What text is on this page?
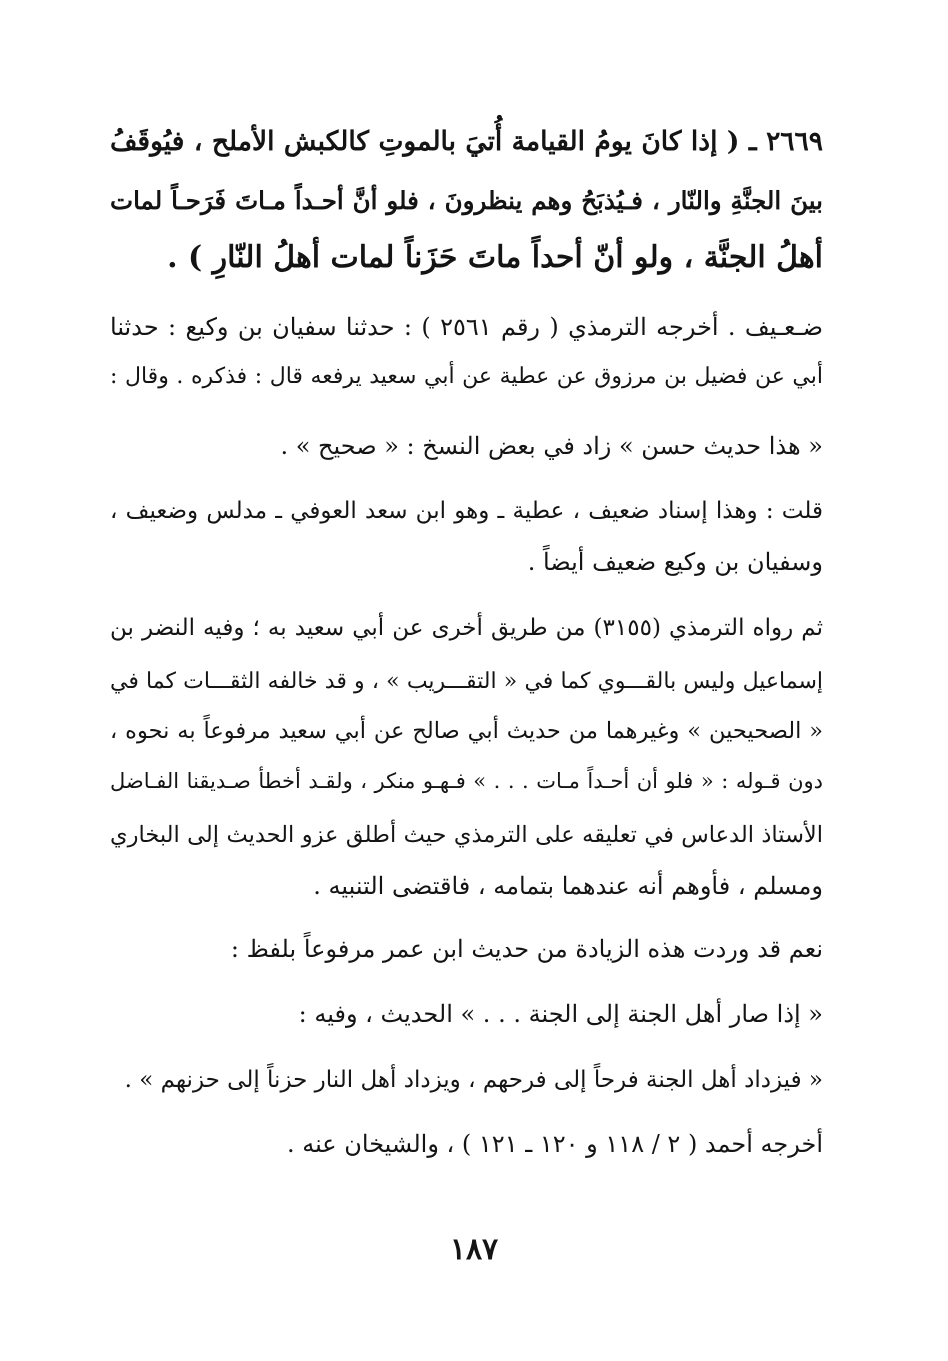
٢٦٦٩ ـ ( إذا كانَ يومُ القيامة أُتيَ بالموتِ كالكبش الأملح ، فيُوقَفُ
بينَ الجنَّةِ والنّار ، فـيُذبَحُ وهم ينظرونَ ، فلو أنَّ أحـداً مـاتَ فَرَحـاً لمات
أهلُ الجنَّة ، ولو أنّ أحداً ماتَ حَزَناً لمات أهلُ النّارِ ) .
ضـعـيف . أخرجه الترمذي ( رقم ٢٥٦١ ) : حدثنا سفيان بن وكيع : حدثنا
أبي عن فضيل بن مرزوق عن عطية عن أبي سعيد يرفعه قال : فذكره . وقال :
« هذا حديث حسن » زاد في بعض النسخ : « صحيح » .
قلت : وهذا إسناد ضعيف ، عطية ـ وهو ابن سعد العوفي ـ مدلس وضعيف ،
وسفيان بن وكيع ضعيف أيضاً .
ثم رواه الترمذي (٣١٥٥) من طريق أخرى عن أبي سعيد به ؛ وفيه النضر بن
إسماعيل وليس بالقـــوي كما في « التقـــريب » ، و قد خالفه الثقـــات كما في
« الصحيحين » وغيرهما من حديث أبي صالح عن أبي سعيد مرفوعاً به نحوه ،
دون قـوله : « فلو أن أحـداً مـات . . . » فـهـو منكر ، ولقـد أخطأ صـديقنا الفـاضل
الأستاذ الدعاس في تعليقه على الترمذي حيث أطلق عزو الحديث إلى البخاري
ومسلم ، فأوهم أنه عندهما بتمامه ، فاقتضى التنبيه .
نعم قد وردت هذه الزيادة من حديث ابن عمر مرفوعاً بلفظ :
« إذا صار أهل الجنة إلى الجنة . . . » الحديث ، وفيه :
« فيزداد أهل الجنة فرحاً إلى فرحهم ، ويزداد أهل النار حزناً إلى حزنهم » .
أخرجه أحمد ( ٢ / ١١٨ و ١٢٠ ـ ١٢١ ) ، والشيخان عنه .
١٨٧
